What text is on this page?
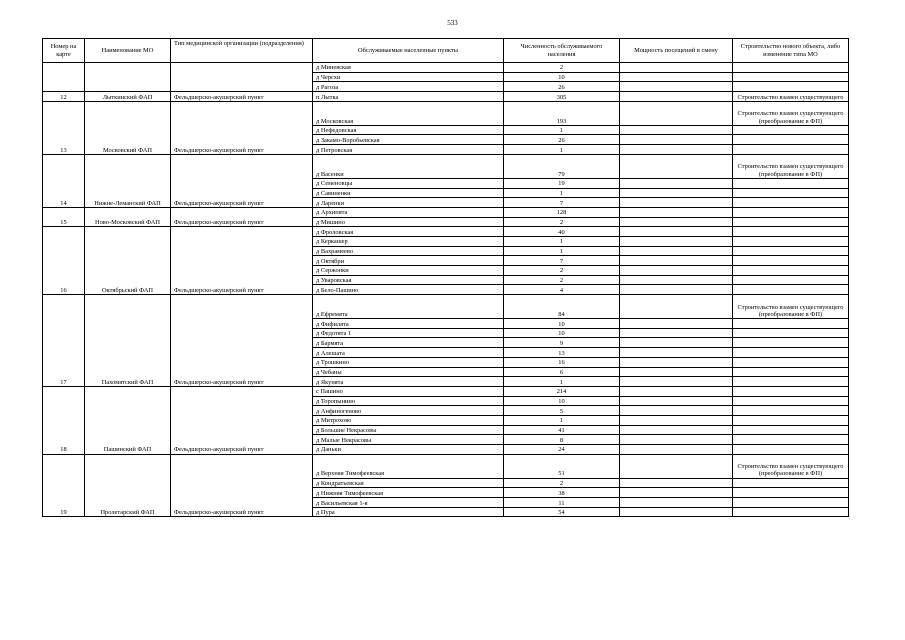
533
Номер на карте	Наименование МО	Тип медицинской организации (подразделения)	Обслуживаемые населенные пункты	Численность обслуживаемого населения	Мощность посещений в смену	Строительство нового объекта, либо изменение типа МО
			д Миневская	2		
			д Черсхи	10		
			д Рагоза	26		
12	Лыткинский ФАП	Фельдшерско-акушерский пункт	п Лытка	305		Строительство взамен существующего
13	Московский ФАП	Фельдшерско-акушерский пункт	д Московская	193		Строительство взамен существующего (преобразование в ФП)
			д Нефедовская	1		
			д Закамо-Воробьевская	26		
			д Петровская	1		
14	Нижне-Леманский ФАП	Фельдшерско-акушерский пункт	д Васенки	79		Строительство взамен существующего (преобразование в ФП)
			д Семеновцы	19		
			д Савиненки	1		
			д Ларенки	7		
15	Ново-Московский ФАП	Фельдшерско-акушерский пункт	д Архипята	128		
			д Мишино	2		
16	Октябрьский ФАП	Фельдшерско-акушерский пункт	д Фроловская	40		
			д Керкашер	1		
			д Вахрамеево	1		
			д Октябри	7		
			д Сержонки	2		
			д Уваровская	2		
			д Бело-Пашино	4		
17	Пахомятский ФАП	Фельдшерско-акушерский пункт	д Ефремята	84		Строительство взамен существующего (преобразование в ФП)
			д Фифилята	10		
			д Федотята 1	10		
			д Бармята	9		
			д Алешата	13		
			д Трошкино	16		
			д Чебаны	6		
			д Якунята	1		
18	Пашинский ФАП	Фельдшерско-акушерский пункт	с Пашино	214		
			д Торопынино	10		
			д Анфиногеново	5		
			д Митрохово	1		
			д Большие Некрасовы	41		
			д Малые Некрасовы	8		
			д Даньки	24		
19	Пролетарский ФАП	Фельдшерско-акушерский пункт	д Верхняя Тимофеевская	51		Строительство взамен существующего (преобразование в ФП)
			д Кондратьевская	2		
			д Нижняя Тимофеевская	38		
			д Васильевская 1-я	11		
			д Пура	54		
